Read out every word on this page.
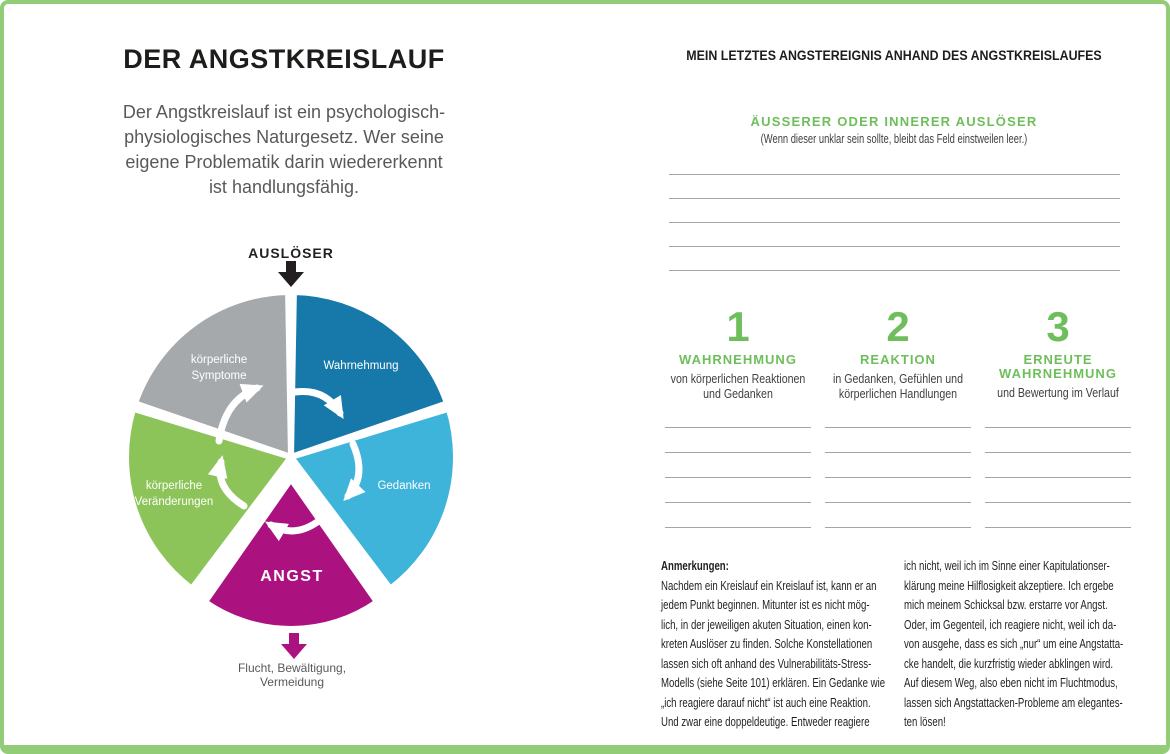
DER ANGSTKREISLAUF
Der Angstkreislauf ist ein psychologisch-
physiologisches Naturgesetz. Wer seine
eigene Problematik darin wiedererkennt
ist handlungsfähig.
AUSLÖSER
körperliche
Symptome
Wahrnehmung
Gedanken
körperliche
Veränderungen
ANGST
Flucht, Bewältigung,
Vermeidung
MEIN LETZTES ANGSTEREIGNIS ANHAND DES ANGSTKREISLAUFES
ÄUSSERER ODER INNERER AUSLÖSER
(Wenn dieser unklar sein sollte, bleibt das Feld einstweilen leer.)
1
WAHRNEHMUNG
von körperlichen Reaktionen
und Gedanken
2
REAKTION
in Gedanken, Gefühlen und
körperlichen Handlungen
3
ERNEUTE
WAHRNEHMUNG
und Bewertung im Verlauf
Anmerkungen:
Nachdem ein Kreislauf ein Kreislauf ist, kann er an
jedem Punkt beginnen. Mitunter ist es nicht mög-
lich, in der jeweiligen akuten Situation, einen kon-
kreten Auslöser zu finden. Solche Konstellationen
lassen sich oft anhand des Vulnerabilitäts-Stress-
Modells (siehe Seite 101) erklären. Ein Gedanke wie
„ich reagiere darauf nicht“ ist auch eine Reaktion.
Und zwar eine doppeldeutige. Entweder reagiere
ich nicht, weil ich im Sinne einer Kapitulationser-
klärung meine Hilflosigkeit akzeptiere. Ich ergebe
mich meinem Schicksal bzw. erstarre vor Angst.
Oder, im Gegenteil, ich reagiere nicht, weil ich da-
von ausgehe, dass es sich „nur“ um eine Angstatta-
cke handelt, die kurzfristig wieder abklingen wird.
Auf diesem Weg, also eben nicht im Fluchtmodus,
lassen sich Angstattacken-Probleme am elegantes-
ten lösen!
